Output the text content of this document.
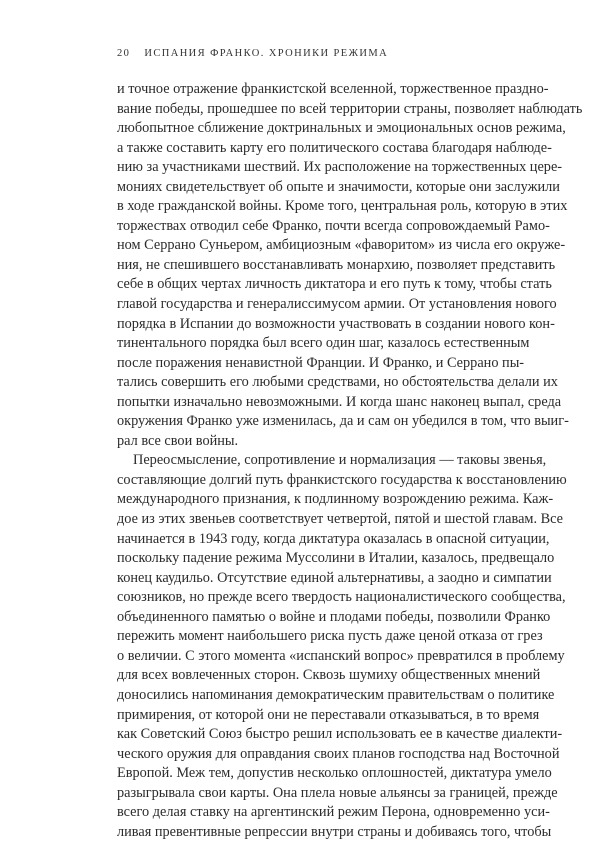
20 ИСПАНИЯ ФРАНКО. ХРОНИКИ РЕЖИМА
и точное отражение франкистской вселенной, торжественное праздно-
вание победы, прошедшее по всей территории страны, позволяет наблюдать
любопытное сближение доктринальных и эмоциональных основ режима,
а также составить карту его политического состава благодаря наблюде-
нию за участниками шествий. Их расположение на торжественных цере-
мониях свидетельствует об опыте и значимости, которые они заслужили
в ходе гражданской войны. Кроме того, центральная роль, которую в этих
торжествах отводил себе Франко, почти всегда сопровождаемый Рамо-
ном Серрано Суньером, амбициозным «фаворитом» из числа его окруже-
ния, не спешившего восстанавливать монархию, позволяет представить
себе в общих чертах личность диктатора и его путь к тому, чтобы стать
главой государства и генералиссимусом армии. От установления нового
порядка в Испании до возможности участвовать в создании нового кон-
тинентального порядка был всего один шаг, казалось естественным
после поражения ненавистной Франции. И Франко, и Серрано пы-
тались совершить его любыми средствами, но обстоятельства делали их
попытки изначально невозможными. И когда шанс наконец выпал, среда
окружения Франко уже изменилась, да и сам он убедился в том, что выиг-
рал все свои войны.
Переосмысление, сопротивление и нормализация — таковы звенья,
составляющие долгий путь франкистского государства к восстановлению
международного признания, к подлинному возрождению режима. Каж-
дое из этих звеньев соответствует четвертой, пятой и шестой главам. Все
начинается в 1943 году, когда диктатура оказалась в опасной ситуации,
поскольку падение режима Муссолини в Италии, казалось, предвещало
конец каудильо. Отсутствие единой альтернативы, а заодно и симпатии
союзников, но прежде всего твердость националистического сообщества,
объединенного памятью о войне и плодами победы, позволили Франко
пережить момент наибольшего риска пусть даже ценой отказа от грез
о величии. С этого момента «испанский вопрос» превратился в проблему
для всех вовлеченных сторон. Сквозь шумиху общественных мнений
доносились напоминания демократическим правительствам о политике
примирения, от которой они не переставали отказываться, в то время
как Советский Союз быстро решил использовать ее в качестве диалекти-
ческого оружия для оправдания своих планов господства над Восточной
Европой. Меж тем, допустив несколько оплошностей, диктатура умело
разыгрывала свои карты. Она плела новые альянсы за границей, прежде
всего делая ставку на аргентинский режим Перона, одновременно уси-
ливая превентивные репрессии внутри страны и добиваясь того, чтобы
